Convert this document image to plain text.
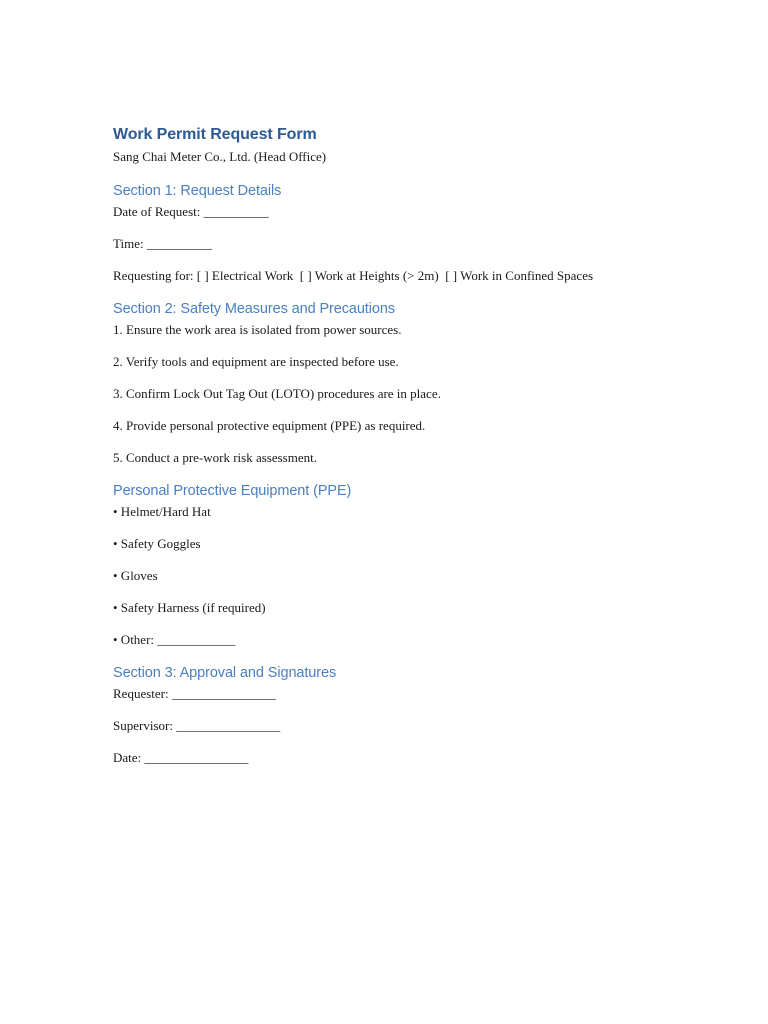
Work Permit Request Form

Sang Chai Meter Co., Ltd. (Head Office)

Section 1: Request Details

Date of Request: __________

Time: __________

Requesting for: [ ] Electrical Work  [ ] Work at Heights (> 2m)  [ ] Work in Confined Spaces

Section 2: Safety Measures and Precautions

1. Ensure the work area is isolated from power sources.

2. Verify tools and equipment are inspected before use.

3. Confirm Lock Out Tag Out (LOTO) procedures are in place.

4. Provide personal protective equipment (PPE) as required.

5. Conduct a pre-work risk assessment.

Personal Protective Equipment (PPE)

• Helmet/Hard Hat

• Safety Goggles

• Gloves

• Safety Harness (if required)

• Other: ____________

Section 3: Approval and Signatures

Requester: ________________

Supervisor: ________________

Date: ________________
